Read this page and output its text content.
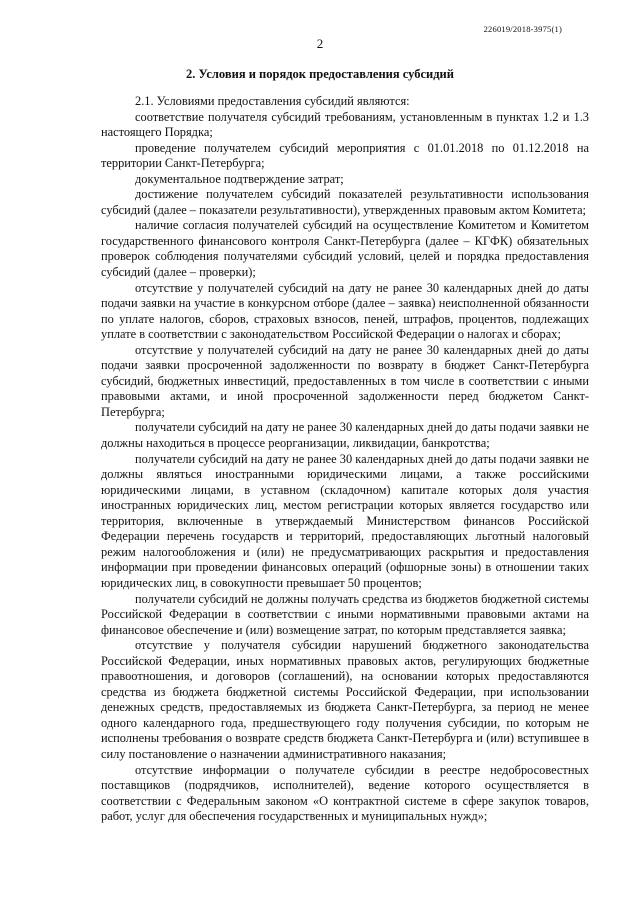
226019/2018-3975(1)
2
2. Условия и порядок предоставления субсидий

2.1. Условиями предоставления субсидий являются:

соответствие получателя субсидий требованиям, установленным в пунктах 1.2 и 1.3 настоящего Порядка;

проведение получателем субсидий мероприятия с 01.01.2018 по 01.12.2018 на территории Санкт-Петербурга;

документальное подтверждение затрат;

достижение получателем субсидий показателей результативности использования субсидий (далее – показатели результативности), утвержденных правовым актом Комитета;

наличие согласия получателей субсидий на осуществление Комитетом и Комитетом государственного финансового контроля Санкт-Петербурга (далее – КГФК) обязательных проверок соблюдения получателями субсидий условий, целей и порядка предоставления субсидий (далее – проверки);

отсутствие у получателей субсидий на дату не ранее 30 календарных дней до даты подачи заявки на участие в конкурсном отборе (далее – заявка) неисполненной обязанности по уплате налогов, сборов, страховых взносов, пеней, штрафов, процентов, подлежащих уплате в соответствии с законодательством Российской Федерации о налогах и сборах;

отсутствие у получателей субсидий на дату не ранее 30 календарных дней до даты подачи заявки просроченной задолженности по возврату в бюджет Санкт-Петербурга субсидий, бюджетных инвестиций, предоставленных в том числе в соответствии с иными правовыми актами, и иной просроченной задолженности перед бюджетом Санкт-Петербурга;

получатели субсидий на дату не ранее 30 календарных дней до даты подачи заявки не должны находиться в процессе реорганизации, ликвидации, банкротства;

получатели субсидий на дату не ранее 30 календарных дней до даты подачи заявки не должны являться иностранными юридическими лицами, а также российскими юридическими лицами, в уставном (складочном) капитале которых доля участия иностранных юридических лиц, местом регистрации которых является государство или территория, включенные в утверждаемый Министерством финансов Российской Федерации перечень государств и территорий, предоставляющих льготный налоговый режим налогообложения и (или) не предусматривающих раскрытия и предоставления информации при проведении финансовых операций (офшорные зоны) в отношении таких юридических лиц, в совокупности превышает 50 процентов;

получатели субсидий не должны получать средства из бюджетов бюджетной системы Российской Федерации в соответствии с иными нормативными правовыми актами на финансовое обеспечение и (или) возмещение затрат, по которым представляется заявка;

отсутствие у получателя субсидии нарушений бюджетного законодательства Российской Федерации, иных нормативных правовых актов, регулирующих бюджетные правоотношения, и договоров (соглашений), на основании которых предоставляются средства из бюджета бюджетной системы Российской Федерации, при использовании денежных средств, предоставляемых из бюджета Санкт-Петербурга, за период не менее одного календарного года, предшествующего году получения субсидии, по которым не исполнены требования о возврате средств бюджета Санкт-Петербурга и (или) вступившее в силу постановление о назначении административного наказания;

отсутствие информации о получателе субсидии в реестре недобросовестных поставщиков (подрядчиков, исполнителей), ведение которого осуществляется в соответствии с Федеральным законом «О контрактной системе в сфере закупок товаров, работ, услуг для обеспечения государственных и муниципальных нужд»;
